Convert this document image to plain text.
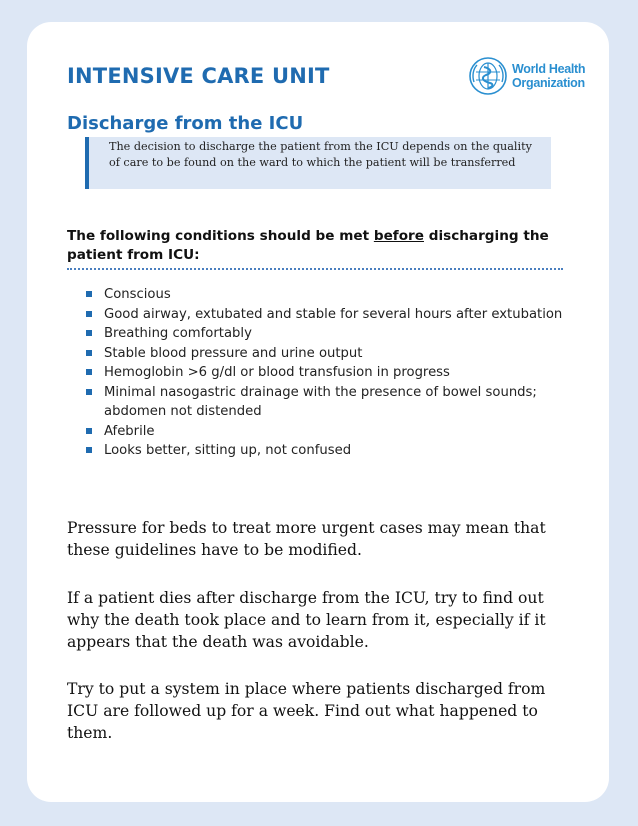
INTENSIVE CARE UNIT	World Health
Organization
Discharge from the ICU
The decision to discharge the patient from the ICU depends on the quality of care to be found on the ward to which the patient will be transferred

The following conditions should be met before discharging the patient from ICU:

Conscious
Good airway, extubated and stable for several hours after extubation
Breathing comfortably
Stable blood pressure and urine output
Hemoglobin >6 g/dl or blood transfusion in progress
Minimal nasogastric drainage with the presence of bowel sounds; abdomen not distended
Afebrile
Looks better, sitting up, not confused

Pressure for beds to treat more urgent cases may mean that these guidelines have to be modified.

If a patient dies after discharge from the ICU, try to find out why the death took place and to learn from it, especially if it appears that the death was avoidable.

Try to put a system in place where patients discharged from ICU are followed up for a week. Find out what happened to them.
